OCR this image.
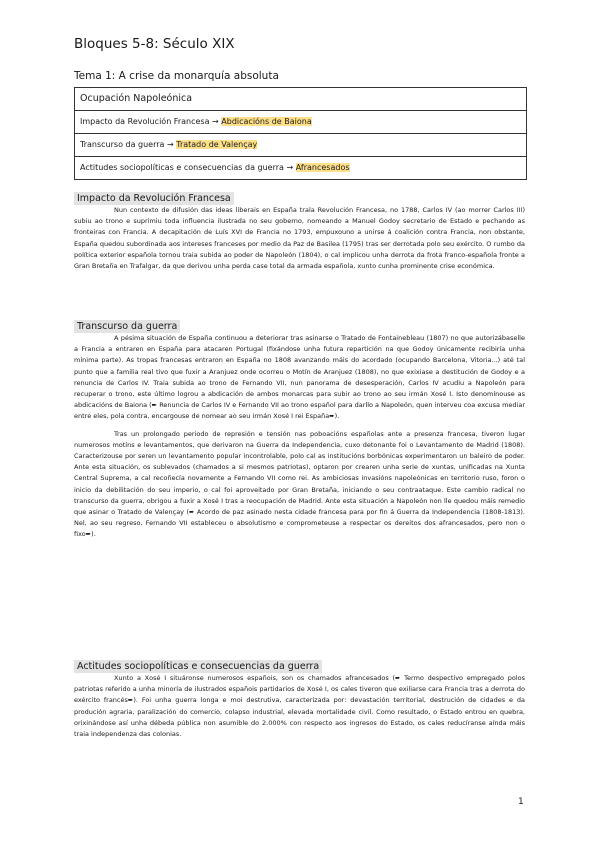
Bloques 5-8: Século XIX
Tema 1: A crise da monarquía absoluta
Ocupación Napoleónica
Impacto da Revolución Francesa → Abdicacións de Baiona
Transcurso da guerra → Tratado de Valençay
Actitudes sociopolíticas e consecuencias da guerra → Afrancesados
Impacto da Revolución Francesa

Nun contexto de difusión das ideas liberais en España trala Revolución Francesa, no 1788, Carlos IV (ao morrer Carlos III) subiu ao trono e suprimiu toda influencia ilustrada no seu goberno, nomeando a Manuel Godoy secretario de Estado e pechando as fronteiras con Francia. A decapitación de Luís XVI de Francia no 1793, empuxouno a unirse á coalición contra Francia, non obstante, España quedou subordinada aos intereses franceses por medio da Paz de Basilea (1795) tras ser derrotada polo seu exército. O rumbo da política exterior española tornou traia subida ao poder de Napoleón (1804), o cal implicou unha derrota da frota franco-española fronte a Gran Bretaña en Trafalgar, da que derivou unha perda case total da armada española, xunto cunha prominente crise económica.

Transcurso da guerra

A pésima situación de España continuou a deteriorar tras asinarse o Tratado de Fontainebleau (1807) no que autorizábaselle a Francia a entraren en España para atacaren Portugal (fixándose unha futura repartición na que Godoy únicamente recibiría unha mínima parte). As tropas francesas entraron en España no 1808 avanzando máis do acordado (ocupando Barcelona, Vitoria...) até tal punto que a familia real tivo que fuxir a Aranjuez onde ocorreu o Motín de Aranjuez (1808), no que exixiase a destitución de Godoy e a renuncia de Carlos IV. Traia subida ao trono de Fernando VII, nun panorama de desesperación, Carlos IV acudiu a Napoleón para recuperar o trono, este último logrou a abdicación de ambos monarcas para subir ao trono ao seu irmán Xosé I. Isto denomínouse as abdicacións de Baiona (➨ Renuncia de Carlos IV e Fernando VII ao trono español para darllo a Napoleón, quen interveu coa excusa mediar entre eles, pola contra, encargouse de nomear ao seu irmán Xosé I rei España➨).

Tras un prolongado periodo de represión e tensión nas poboacións españolas ante a presenza francesa, tiveron lugar numerosos motíns e levantamentos, que derivaron na Guerra da Independencia, cuxo detonante foi o Levantamento de Madrid (1808). Caracterizouse por seren un levantamento popular incontrolable, polo cal as institucións borbónicas experimentaron un baleiro de poder. Ante esta situación, os sublevados (chamados a si mesmos patriotas), optaron por crearen unha serie de xuntas, unificadas na Xunta Central Suprema, a cal recoñecía novamente a Fernando VII como rei. As ambiciosas invasións napoleónicas en territorio ruso, foron o inicio da debilitación do seu imperio, o cal foi aproveitado por Gran Bretaña, iniciando o seu contraataque. Este cambio radical no transcurso da guerra, obrigou a fuxir a Xosé I tras a reocupación de Madrid. Ante esta situación a Napoleón non lle quedou máis remedio que asinar o Tratado de Valençay (➨ Acordo de paz asinado nesta cidade francesa para por fin á Guerra da Independencia (1808-1813). Nel, ao seu regreso, Fernando VII estableceu o absolutismo e comprometeuse a respectar os dereitos dos afrancesados, pero non o fixo➨).

Actitudes sociopolíticas e consecuencias da guerra

Xunto a Xosé I situáronse numerosos españois, son os chamados afrancesados (➨ Termo despectivo empregado polos patriotas referido a unha minoría de ilustrados españois partidarios de Xosé I, os cales tiveron que exiliarse cara Francia tras a derrota do exército francés➨). Foi unha guerra longa e moi destrutiva, caracterizada por: devastación territorial, destrución de cidades e da produción agraria, paralización do comercio, colapso industrial, elevada mortalidade civil. Como resultado, o Estado entrou en quebra, orixinándose así unha débeda pública non asumible do 2.000% con respecto aos ingresos do Estado, os cales reducíranse aínda máis traia independenza das colonias.

1
